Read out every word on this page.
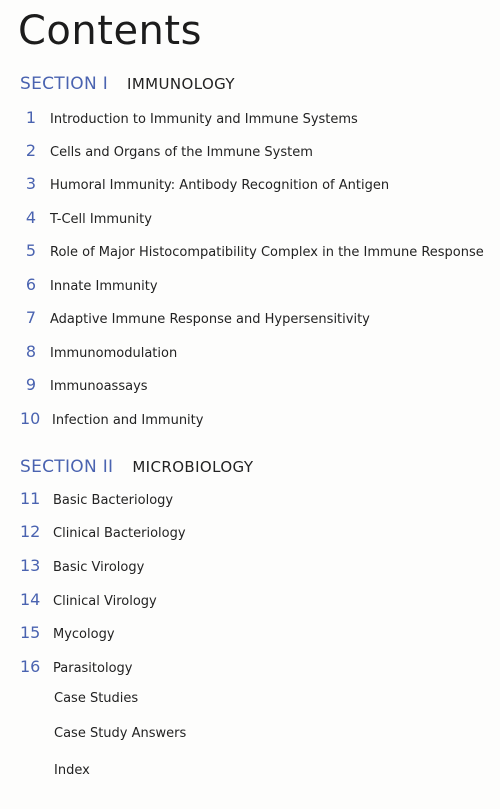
Contents
SECTION I IMMUNOLOGY
1 Introduction to Immunity and Immune Systems
2 Cells and Organs of the Immune System
3 Humoral Immunity: Antibody Recognition of Antigen
4 T-Cell Immunity
5 Role of Major Histocompatibility Complex in the Immune Response
6 Innate Immunity
7 Adaptive Immune Response and Hypersensitivity
8 Immunomodulation
9 Immunoassays
10 Infection and Immunity
SECTION II MICROBIOLOGY
11 Basic Bacteriology
12 Clinical Bacteriology
13 Basic Virology
14 Clinical Virology
15 Mycology
16 Parasitology
Case Studies
Case Study Answers
Index
